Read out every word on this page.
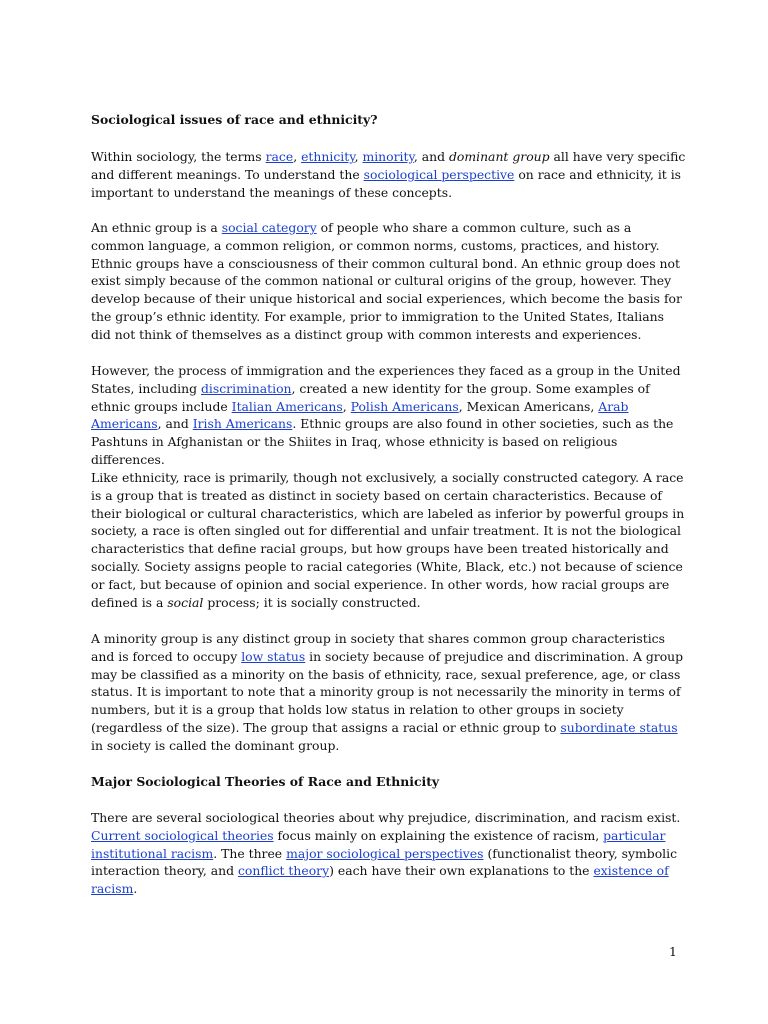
Sociological issues of race and ethnicity?

Within sociology, the terms race, ethnicity, minority, and dominant group all have very specific and different meanings. To understand the sociological perspective on race and ethnicity, it is important to understand the meanings of these concepts.

An ethnic group is a social category of people who share a common culture, such as a common language, a common religion, or common norms, customs, practices, and history. Ethnic groups have a consciousness of their common cultural bond. An ethnic group does not exist simply because of the common national or cultural origins of the group, however. They develop because of their unique historical and social experiences, which become the basis for the group’s ethnic identity. For example, prior to immigration to the United States, Italians did not think of themselves as a distinct group with common interests and experiences.

However, the process of immigration and the experiences they faced as a group in the United States, including discrimination, created a new identity for the group. Some examples of ethnic groups include Italian Americans, Polish Americans, Mexican Americans, Arab Americans, and Irish Americans. Ethnic groups are also found in other societies, such as the Pashtuns in Afghanistan or the Shiites in Iraq, whose ethnicity is based on religious differences.

Like ethnicity, race is primarily, though not exclusively, a socially constructed category. A race is a group that is treated as distinct in society based on certain characteristics. Because of their biological or cultural characteristics, which are labeled as inferior by powerful groups in society, a race is often singled out for differential and unfair treatment. It is not the biological characteristics that define racial groups, but how groups have been treated historically and socially. Society assigns people to racial categories (White, Black, etc.) not because of science or fact, but because of opinion and social experience. In other words, how racial groups are defined is a social process; it is socially constructed.

A minority group is any distinct group in society that shares common group characteristics and is forced to occupy low status in society because of prejudice and discrimination. A group may be classified as a minority on the basis of ethnicity, race, sexual preference, age, or class status. It is important to note that a minority group is not necessarily the minority in terms of numbers, but it is a group that holds low status in relation to other groups in society (regardless of the size). The group that assigns a racial or ethnic group to subordinate status in society is called the dominant group.

Major Sociological Theories of Race and Ethnicity

There are several sociological theories about why prejudice, discrimination, and racism exist. Current sociological theories focus mainly on explaining the existence of racism, particular institutional racism. The three major sociological perspectives (functionalist theory, symbolic interaction theory, and conflict theory) each have their own explanations to the existence of racism.

1
